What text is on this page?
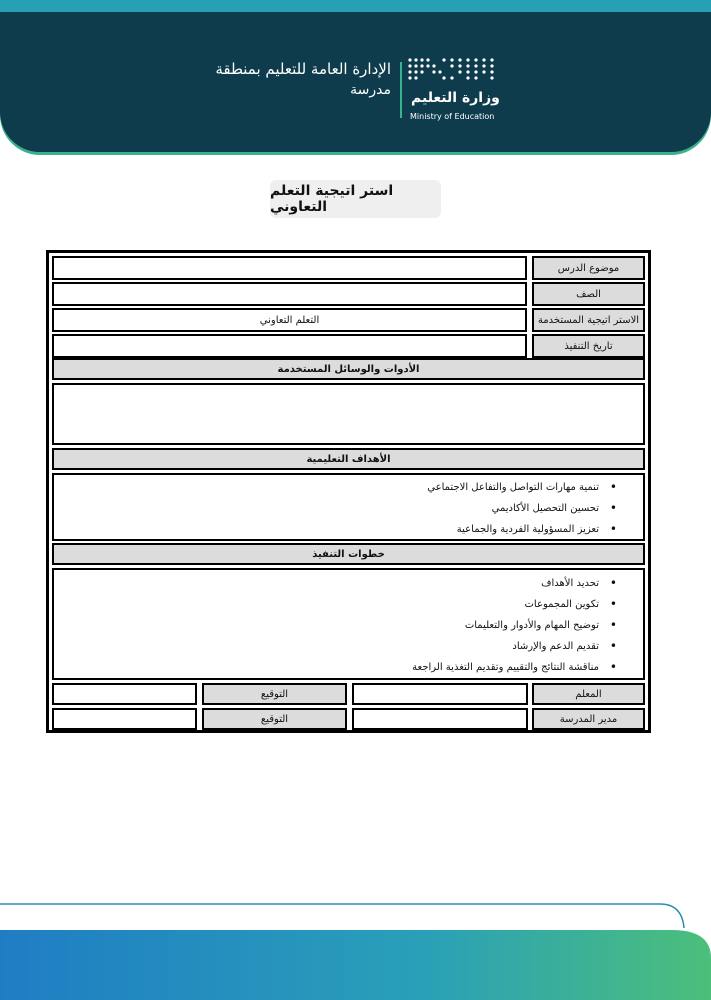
الإدارة العامة للتعليم بمنطقة
مدرسة وزارة التعليم
Ministry of Education
استر اتيجية التعلم التعاوني
موضوع الدرس
الصف
التعلم التعاوني	الاستر اتيجية المستخدمة
تاريخ التنفيذ
الأدوات والوسائل المستخدمة
الأهداف التعليمية
• تنمية مهارات التواصل والتفاعل الاجتماعي
• تحسين التحصيل الأكاديمي
• تعزيز المسؤولية الفردية والجماعية
خطوات التنفيذ
• تحديد الأهداف
• تكوين المجموعات
• توضيح المهام والأدوار والتعليمات
• تقديم الدعم والإرشاد
• مناقشة النتائج والتقييم وتقديم التغذية الراجعة
التوقيع	المعلم
التوقيع	مدير المدرسة
